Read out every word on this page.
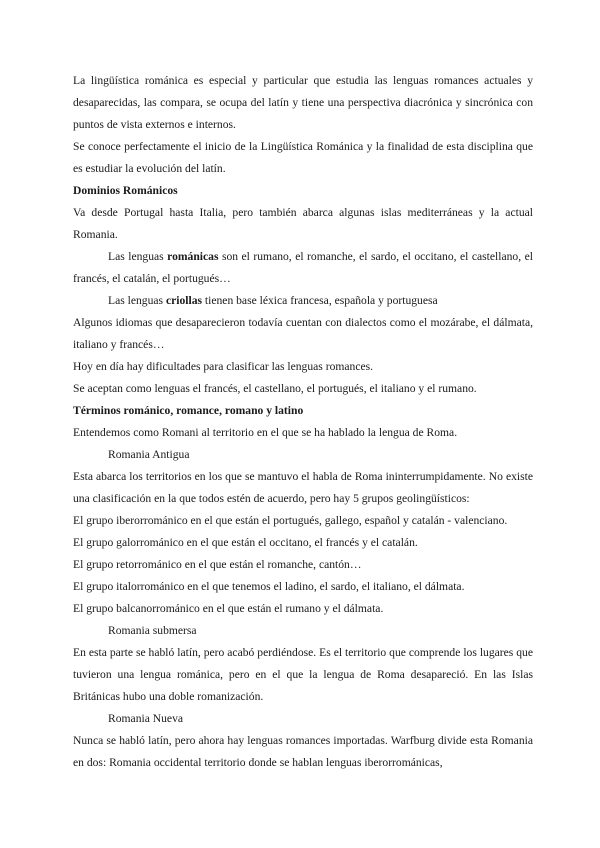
La lingüística románica es especial y particular que estudia las lenguas romances actuales y desaparecidas, las compara, se ocupa del latín y tiene una perspectiva diacrónica y sincrónica con puntos de vista externos e internos.

Se conoce perfectamente el inicio de la Lingüística Románica y la finalidad de esta disciplina que es estudiar la evolución del latín.

Dominios Románicos

Va desde Portugal hasta Italia, pero también abarca algunas islas mediterráneas y la actual Romania.

Las lenguas románicas son el rumano, el romanche, el sardo, el occitano, el castellano, el francés, el catalán, el portugués…

Las lenguas criollas tienen base léxica francesa, española y portuguesa

Algunos idiomas que desaparecieron todavía cuentan con dialectos como el mozárabe, el dálmata, italiano y francés…

Hoy en día hay dificultades para clasificar las lenguas romances.

Se aceptan como lenguas el francés, el castellano, el portugués, el italiano y el rumano.

Términos románico, romance, romano y latino

Entendemos como Romani al territorio en el que se ha hablado la lengua de Roma.

Romania Antigua

Esta abarca los territorios en los que se mantuvo el habla de Roma ininterrumpidamente. No existe una clasificación en la que todos estén de acuerdo, pero hay 5 grupos geolingüísticos:

El grupo iberorrománico en el que están el portugués, gallego, español y catalán - valenciano.

El grupo galorrománico en el que están el occitano, el francés y el catalán.

El grupo retorrománico en el que están el romanche, cantón…

El grupo italorrománico en el que tenemos el ladino, el sardo, el italiano, el dálmata.

El grupo balcanorrománico en el que están el rumano y el dálmata.

Romania submersa

En esta parte se habló latín, pero acabó perdiéndose. Es el territorio que comprende los lugares que tuvieron una lengua románica, pero en el que la lengua de Roma desapareció. En las Islas Británicas hubo una doble romanización.

Romania Nueva

Nunca se habló latín, pero ahora hay lenguas romances importadas. Warfburg divide esta Romania en dos: Romania occidental territorio donde se hablan lenguas iberorrománicas,
